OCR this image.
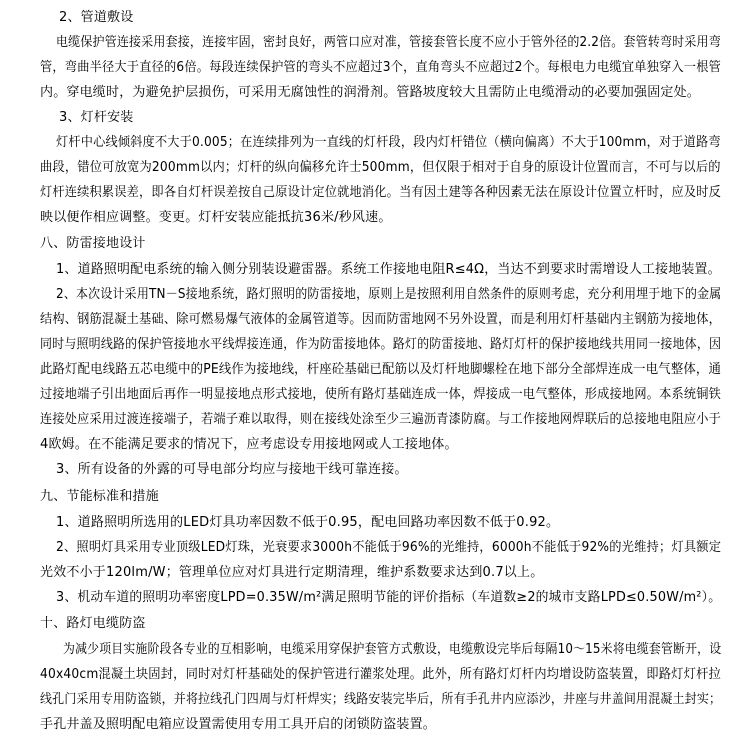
2、管道敷设
电缆保护管连接采用套接，连接牢固，密封良好，两管口应对准，管接套管长度不应小于管外径的2.2倍。套管转弯时采用弯
管，弯曲半径大于直径的6倍。每段连续保护管的弯头不应超过3个，直角弯头不应超过2个。每根电力电缆宜单独穿入一根管
内。穿电缆时，为避免护层损伤，可采用无腐蚀性的润滑剂。管路坡度较大且需防止电缆滑动的必要加强固定处。
3、灯杆安装
灯杆中心线倾斜度不大于0.005；在连续排列为一直线的灯杆段，段内灯杆错位（横向偏离）不大于100mm，对于道路弯
曲段，错位可放宽为200mm以内；灯杆的纵向偏移允许士500mm，但仅限于相对于自身的原设计位置而言，不可与以后的
灯杆连续积累误差，即各自灯杆误差按自己原设计定位就地消化。当有因土建等各种因素无法在原设计位置立杆时，应及时反
映以便作相应调整。变更。灯杆安装应能抵抗36米/秒风速。
八、防雷接地设计
1、道路照明配电系统的输入侧分别装设避雷器。系统工作接地电阻R≤4Ω，当达不到要求时需增设人工接地装置。
2、本次设计采用TN－S接地系统，路灯照明的防雷接地，原则上是按照利用自然条件的原则考虑，充分利用埋于地下的金属
结构、钢筋混凝土基础、除可燃易爆气液体的金属管道等。因而防雷地网不另外设置，而是利用灯杆基础内主钢筋为接地体，
同时与照明线路的保护管接地水平线焊接连通，作为防雷接地体。路灯的防雷接地、路灯灯杆的保护接地线共用同一接地体，因
此路灯配电线路五芯电缆中的PE线作为接地线，杆座砼基础已配筋以及灯杆地脚螺栓在地下部分全部焊连成一电气整体，通
过接地端子引出地面后再作一明显接地点形式接地，使所有路灯基础连成一体，焊接成一电气整体，形成接地网。本系统铜铁
连接处应采用过渡连接端子，若端子难以取得，则在接线处涂至少三遍沥青漆防腐。与工作接地网焊联后的总接地电阻应小于
4欧姆。在不能满足要求的情况下，应考虑设专用接地网或人工接地体。
3、所有设备的外露的可导电部分均应与接地干线可靠连接。
九、节能标准和措施
1、道路照明所选用的LED灯具功率因数不低于0.95，配电回路功率因数不低于0.92。
2、照明灯具采用专业顶级LED灯珠，光衰要求3000h不能低于96%的光维持，6000h不能低于92%的光维持；灯具额定
光效不小于120lm/W；管理单位应对灯具进行定期清理，维护系数要求达到0.7以上。
3、机动车道的照明功率密度LPD=0.35W/m²满足照明节能的评价指标（车道数≥2的城市支路LPD≤0.50W/m²）。
十、路灯电缆防盗
为减少项目实施阶段各专业的互相影响，电缆采用穿保护套管方式敷设，电缆敷设完毕后每隔10～15米将电缆套管断开，设
40x40cm混凝土块固封，同时对灯杆基础处的保护管进行灌浆处理。此外，所有路灯灯杆内均增设防盗装置，即路灯灯杆拉
线孔门采用专用防盗锁，并将拉线孔门四周与灯杆焊实；线路安装完毕后，所有手孔井内应添沙，井座与井盖间用混凝土封实；
手孔井盖及照明配电箱应设置需使用专用工具开启的闭锁防盗装置。
